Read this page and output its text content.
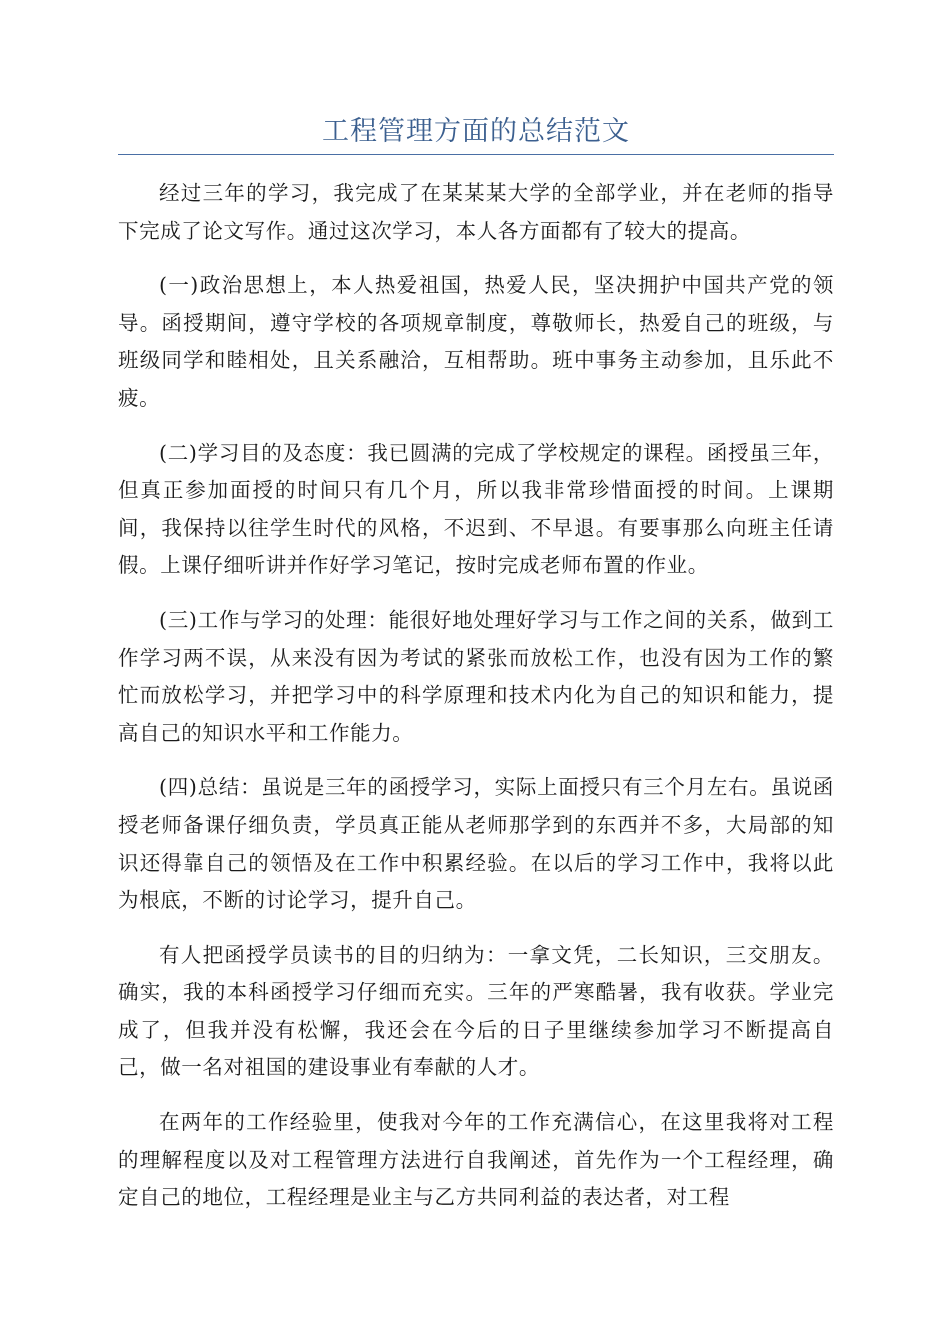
工程管理方面的总结范文

经过三年的学习，我完成了在某某某大学的全部学业，并在老师的指导下完成了论文写作。通过这次学习，本人各方面都有了较大的提高。

(一)政治思想上，本人热爱祖国，热爱人民，坚决拥护中国共产党的领导。函授期间，遵守学校的各项规章制度，尊敬师长，热爱自己的班级，与班级同学和睦相处，且关系融洽，互相帮助。班中事务主动参加，且乐此不疲。

(二)学习目的及态度：我已圆满的完成了学校规定的课程。函授虽三年，但真正参加面授的时间只有几个月，所以我非常珍惜面授的时间。上课期间，我保持以往学生时代的风格，不迟到、不早退。有要事那么向班主任请假。上课仔细听讲并作好学习笔记，按时完成老师布置的作业。

(三)工作与学习的处理：能很好地处理好学习与工作之间的关系，做到工作学习两不误，从来没有因为考试的紧张而放松工作，也没有因为工作的繁忙而放松学习，并把学习中的科学原理和技术内化为自己的知识和能力，提高自己的知识水平和工作能力。

(四)总结：虽说是三年的函授学习，实际上面授只有三个月左右。虽说函授老师备课仔细负责，学员真正能从老师那学到的东西并不多，大局部的知识还得靠自己的领悟及在工作中积累经验。在以后的学习工作中，我将以此为根底，不断的讨论学习，提升自己。

有人把函授学员读书的目的归纳为：一拿文凭，二长知识，三交朋友。确实，我的本科函授学习仔细而充实。三年的严寒酷暑，我有收获。学业完成了，但我并没有松懈，我还会在今后的日子里继续参加学习不断提高自己，做一名对祖国的建设事业有奉献的人才。

在两年的工作经验里，使我对今年的工作充满信心，在这里我将对工程的理解程度以及对工程管理方法进行自我阐述，首先作为一个工程经理，确定自己的地位，工程经理是业主与乙方共同利益的表达者，对工程
